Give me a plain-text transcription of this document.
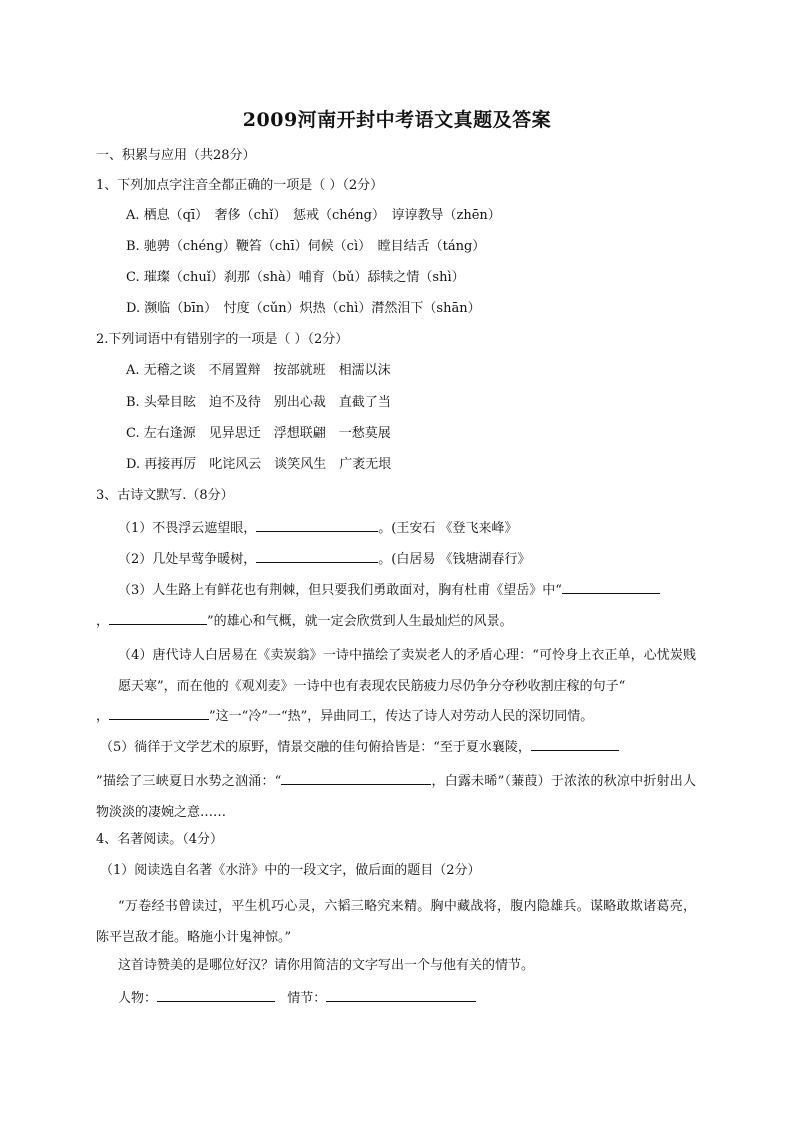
2009河南开封中考语文真题及答案
一、积累与应用（共28分）
1、下列加点字注音全都正确的一项是（ ）（2分）
A. 栖息（qī）　奢侈（chǐ）　惩戒（chéng）　谆谆教导（zhēn）
B. 驰骋（chéng）鞭笞（chī）伺候（cì）　瞠目结舌（táng）
C. 璀璨（chuǐ）刹那（shà）哺育（bǔ）舔犊之情（shì）
D. 濒临（bīn）　忖度（cǔn）炽热（chì）潸然泪下（shān）
2.下列词语中有错别字的一项是（ ）（2分）
A. 无稽之谈　不屑置辩　按部就班　相濡以沫
B. 头晕目眩　迫不及待　别出心裁　直截了当
C. 左右逢源　见异思迁　浮想联翩　一愁莫展
D. 再接再厉　叱诧风云　谈笑风生　广袤无垠
3、古诗文默写.（8分）
（1）不畏浮云遮望眼，	。(王安石 《登飞来峰》
（2）几处早莺争暖树，	。(白居易 《钱塘湖春行》
（3）人生路上有鲜花也有荆棘，但只要我们勇敢面对，胸有杜甫《望岳》中“
，	”的雄心和气概，就一定会欣赏到人生最灿烂的风景。
（4）唐代诗人白居易在《卖炭翁》一诗中描绘了卖炭老人的矛盾心理：“可怜身上衣正单，心忧炭贱愿天寒”，而在他的《观刈麦》一诗中也有表现农民筋疲力尽仍争分夺秒收割庄稼的句子“
，	”这一“冷”一“热”，异曲同工，传达了诗人对劳动人民的深切同情。
（5）徜徉于文学艺术的原野，情景交融的佳句俯拾皆是：“至于夏水襄陵，
”描绘了三峡夏日水势之汹涌：“	，白露未晞”（蒹葭）于浓浓的秋凉中折射出人物淡淡的凄婉之意……
4、名著阅读。（4分）
（1）阅读选自名著《水浒》中的一段文字，做后面的题目（2分）
“万卷经书曾读过，平生机巧心灵，六韬三略究来精。胸中藏战将，腹内隐雄兵。谋略敢欺诸葛亮，陈平岂敌才能。略施小计鬼神惊。”
这首诗赞美的是哪位好汉？请你用简洁的文字写出一个与他有关的情节。
人物：	情节：
